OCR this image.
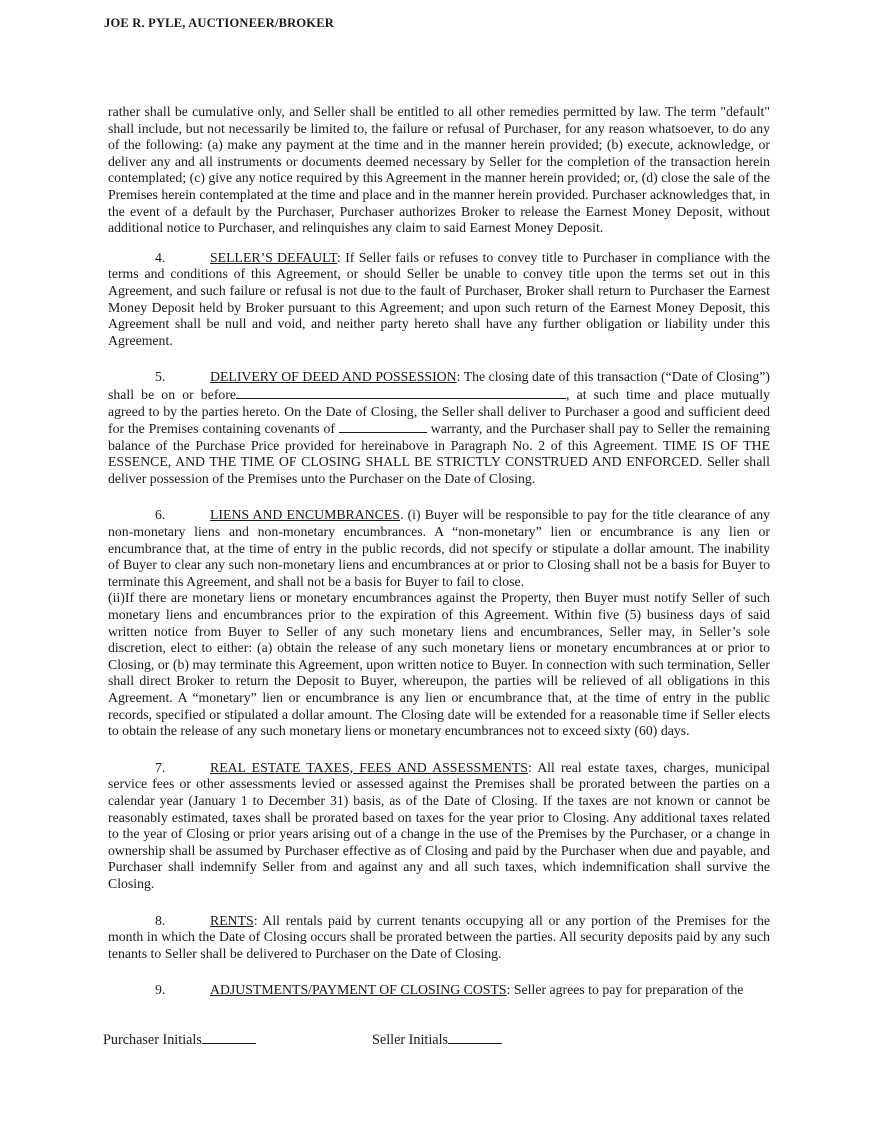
JOE R. PYLE, AUCTIONEER/BROKER

rather shall be cumulative only, and Seller shall be entitled to all other remedies permitted by law. The term "default" shall include, but not necessarily be limited to, the failure or refusal of Purchaser, for any reason whatsoever, to do any of the following: (a) make any payment at the time and in the manner herein provided; (b) execute, acknowledge, or deliver any and all instruments or documents deemed necessary by Seller for the completion of the transaction herein contemplated; (c) give any notice required by this Agreement in the manner herein provided; or, (d) close the sale of the Premises herein contemplated at the time and place and in the manner herein provided. Purchaser acknowledges that, in the event of a default by the Purchaser, Purchaser authorizes Broker to release the Earnest Money Deposit, without additional notice to Purchaser, and relinquishes any claim to said Earnest Money Deposit.

4.	SELLER’S DEFAULT: If Seller fails or refuses to convey title to Purchaser in compliance with the terms and conditions of this Agreement, or should Seller be unable to convey title upon the terms set out in this Agreement, and such failure or refusal is not due to the fault of Purchaser, Broker shall return to Purchaser the Earnest Money Deposit held by Broker pursuant to this Agreement; and upon such return of the Earnest Money Deposit, this Agreement shall be null and void, and neither party hereto shall have any further obligation or liability under this Agreement.

5.	DELIVERY OF DEED AND POSSESSION: The closing date of this transaction (“Date of Closing”) shall be on or before	, at such time and place mutually agreed to by the parties hereto. On the Date of Closing, the Seller shall deliver to Purchaser a good and sufficient deed for the Premises containing covenants of	warranty, and the Purchaser shall pay to Seller the remaining balance of the Purchase Price provided for hereinabove in Paragraph No. 2 of this Agreement. TIME IS OF THE ESSENCE, AND THE TIME OF CLOSING SHALL BE STRICTLY CONSTRUED AND ENFORCED. Seller shall deliver possession of the Premises unto the Purchaser on the Date of Closing.

6.	LIENS AND ENCUMBRANCES. (i) Buyer will be responsible to pay for the title clearance of any non-monetary liens and non-monetary encumbrances. A “non-monetary” lien or encumbrance is any lien or encumbrance that, at the time of entry in the public records, did not specify or stipulate a dollar amount. The inability of Buyer to clear any such non-monetary liens and encumbrances at or prior to Closing shall not be a basis for Buyer to terminate this Agreement, and shall not be a basis for Buyer to fail to close.

(ii)If there are monetary liens or monetary encumbrances against the Property, then Buyer must notify Seller of such monetary liens and encumbrances prior to the expiration of this Agreement. Within five (5) business days of said written notice from Buyer to Seller of any such monetary liens and encumbrances, Seller may, in Seller’s sole discretion, elect to either: (a) obtain the release of any such monetary liens or monetary encumbrances at or prior to Closing, or (b) may terminate this Agreement, upon written notice to Buyer. In connection with such termination, Seller shall direct Broker to return the Deposit to Buyer, whereupon, the parties will be relieved of all obligations in this Agreement. A “monetary” lien or encumbrance is any lien or encumbrance that, at the time of entry in the public records, specified or stipulated a dollar amount. The Closing date will be extended for a reasonable time if Seller elects to obtain the release of any such monetary liens or monetary encumbrances not to exceed sixty (60) days.

7.	REAL ESTATE TAXES, FEES AND ASSESSMENTS: All real estate taxes, charges, municipal service fees or other assessments levied or assessed against the Premises shall be prorated between the parties on a calendar year (January 1 to December 31) basis, as of the Date of Closing. If the taxes are not known or cannot be reasonably estimated, taxes shall be prorated based on taxes for the year prior to Closing. Any additional taxes related to the year of Closing or prior years arising out of a change in the use of the Premises by the Purchaser, or a change in ownership shall be assumed by Purchaser effective as of Closing and paid by the Purchaser when due and payable, and Purchaser shall indemnify Seller from and against any and all such taxes, which indemnification shall survive the Closing.

8.	RENTS: All rentals paid by current tenants occupying all or any portion of the Premises for the month in which the Date of Closing occurs shall be prorated between the parties. All security deposits paid by any such tenants to Seller shall be delivered to Purchaser on the Date of Closing.

9.	ADJUSTMENTS/PAYMENT OF CLOSING COSTS: Seller agrees to pay for preparation of the

Purchaser Initials	Seller Initials
